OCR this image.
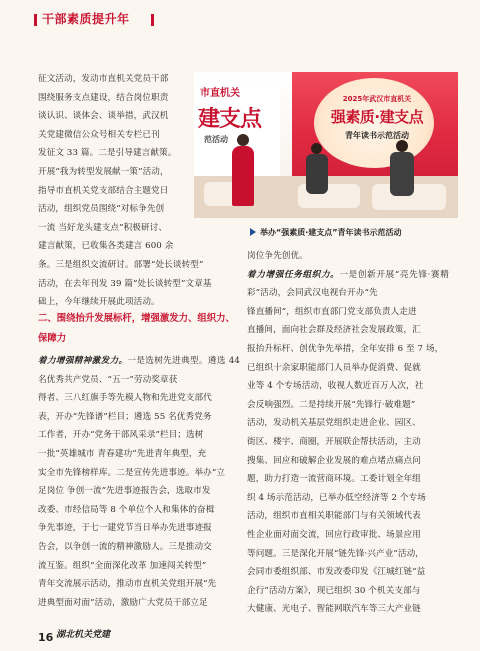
干部素质提升年

征文活动，发动市直机关党员干部

围绕服务支点建设，结合岗位职责

谈认识、谈体会、谈举措，武汉机

关党建微信公众号相关专栏已刊

发征文 33 篇。二是引导建言献策。

开展“我为转型发展献一策”活动，

指导市直机关党支部结合主题党日

活动，组织党员围绕“对标争先创

一流 当好龙头建支点”积极研讨、

建言献策，已收集各类建言 600 余

条。三是组织交流研讨。部署“处长谈转型”

活动，在去年刊发 39 篇“处长谈转型”文章基

础上，今年继续开展此项活动。

二、围绕抬升发展标杆，增强激发力、组织力、
保障力

着力增强精神激发力。一是选树先进典型。遴选 44 名优秀共产党员、“五一”劳动奖章获

得者、三八红旗手等先模人物和先进党支部代

表，开办“先锋谱”栏目；遴选 55 名优秀党务

工作者，开办“党务干部风采录”栏目；选树

一批“英雄城市 青春建功”先进青年典型，充

实全市先锋榜样库。二是宣传先进事迹。举办“立

足岗位 争创一流”先进事迹报告会，选取市发

改委、市经信局等 8 个单位个人和集体的奋楫

争先事迹，于七一建党节当日举办先进事迹报

告会，以争创一流的精神激励人。三是推动交

流互鉴。组织“全面深化改革 加速闯关转型”

青年交流展示活动，推动市直机关党组开展“先

进典型面对面”活动，激励广大党员干部立足

市直机关
建支点
范活动
2025年武汉市直机关
强素质·建支点
青年读书示范活动
举办“强素质·建支点”青年读书示范活动

岗位争先创优。

着力增强任务组织力。一是创新开展“亮先锋·赛精彩”活动，会同武汉电视台开办“先

锋直播间”，组织市直部门党支部负责人走进

直播间，面向社会群及经济社会发展政策，汇

报抬升标杆、创优争先举措，全年安排 6 至 7 场，

已组织十余家职能部门人员举办促消费、促就

业等 4 个专场活动，收视人数近百万人次，社

会反响强烈。二是持续开展“先锋行·破难题”

活动，发动机关基层党组织走进企业、园区、

街区、楼宇、商圈，开展联企帮扶活动，主动

搜集、回应和破解企业发展的难点堵点痛点问

题，助力打造一流营商环境。工委计划全年组

织 4 场示范活动，已举办低空经济等 2 个专场

活动，组织市直相关职能部门与有关领域代表

性企业面对面交流，回应行政审批、场景应用

等问题。三是深化开展“链先锋·兴产业”活动，

会同市委组织部、市发改委印发《江城红链“益

企行”活动方案》，现已组织 30 个机关支部与

大健康、光电子、智能网联汽车等三大产业链

16 湖北机关党建
